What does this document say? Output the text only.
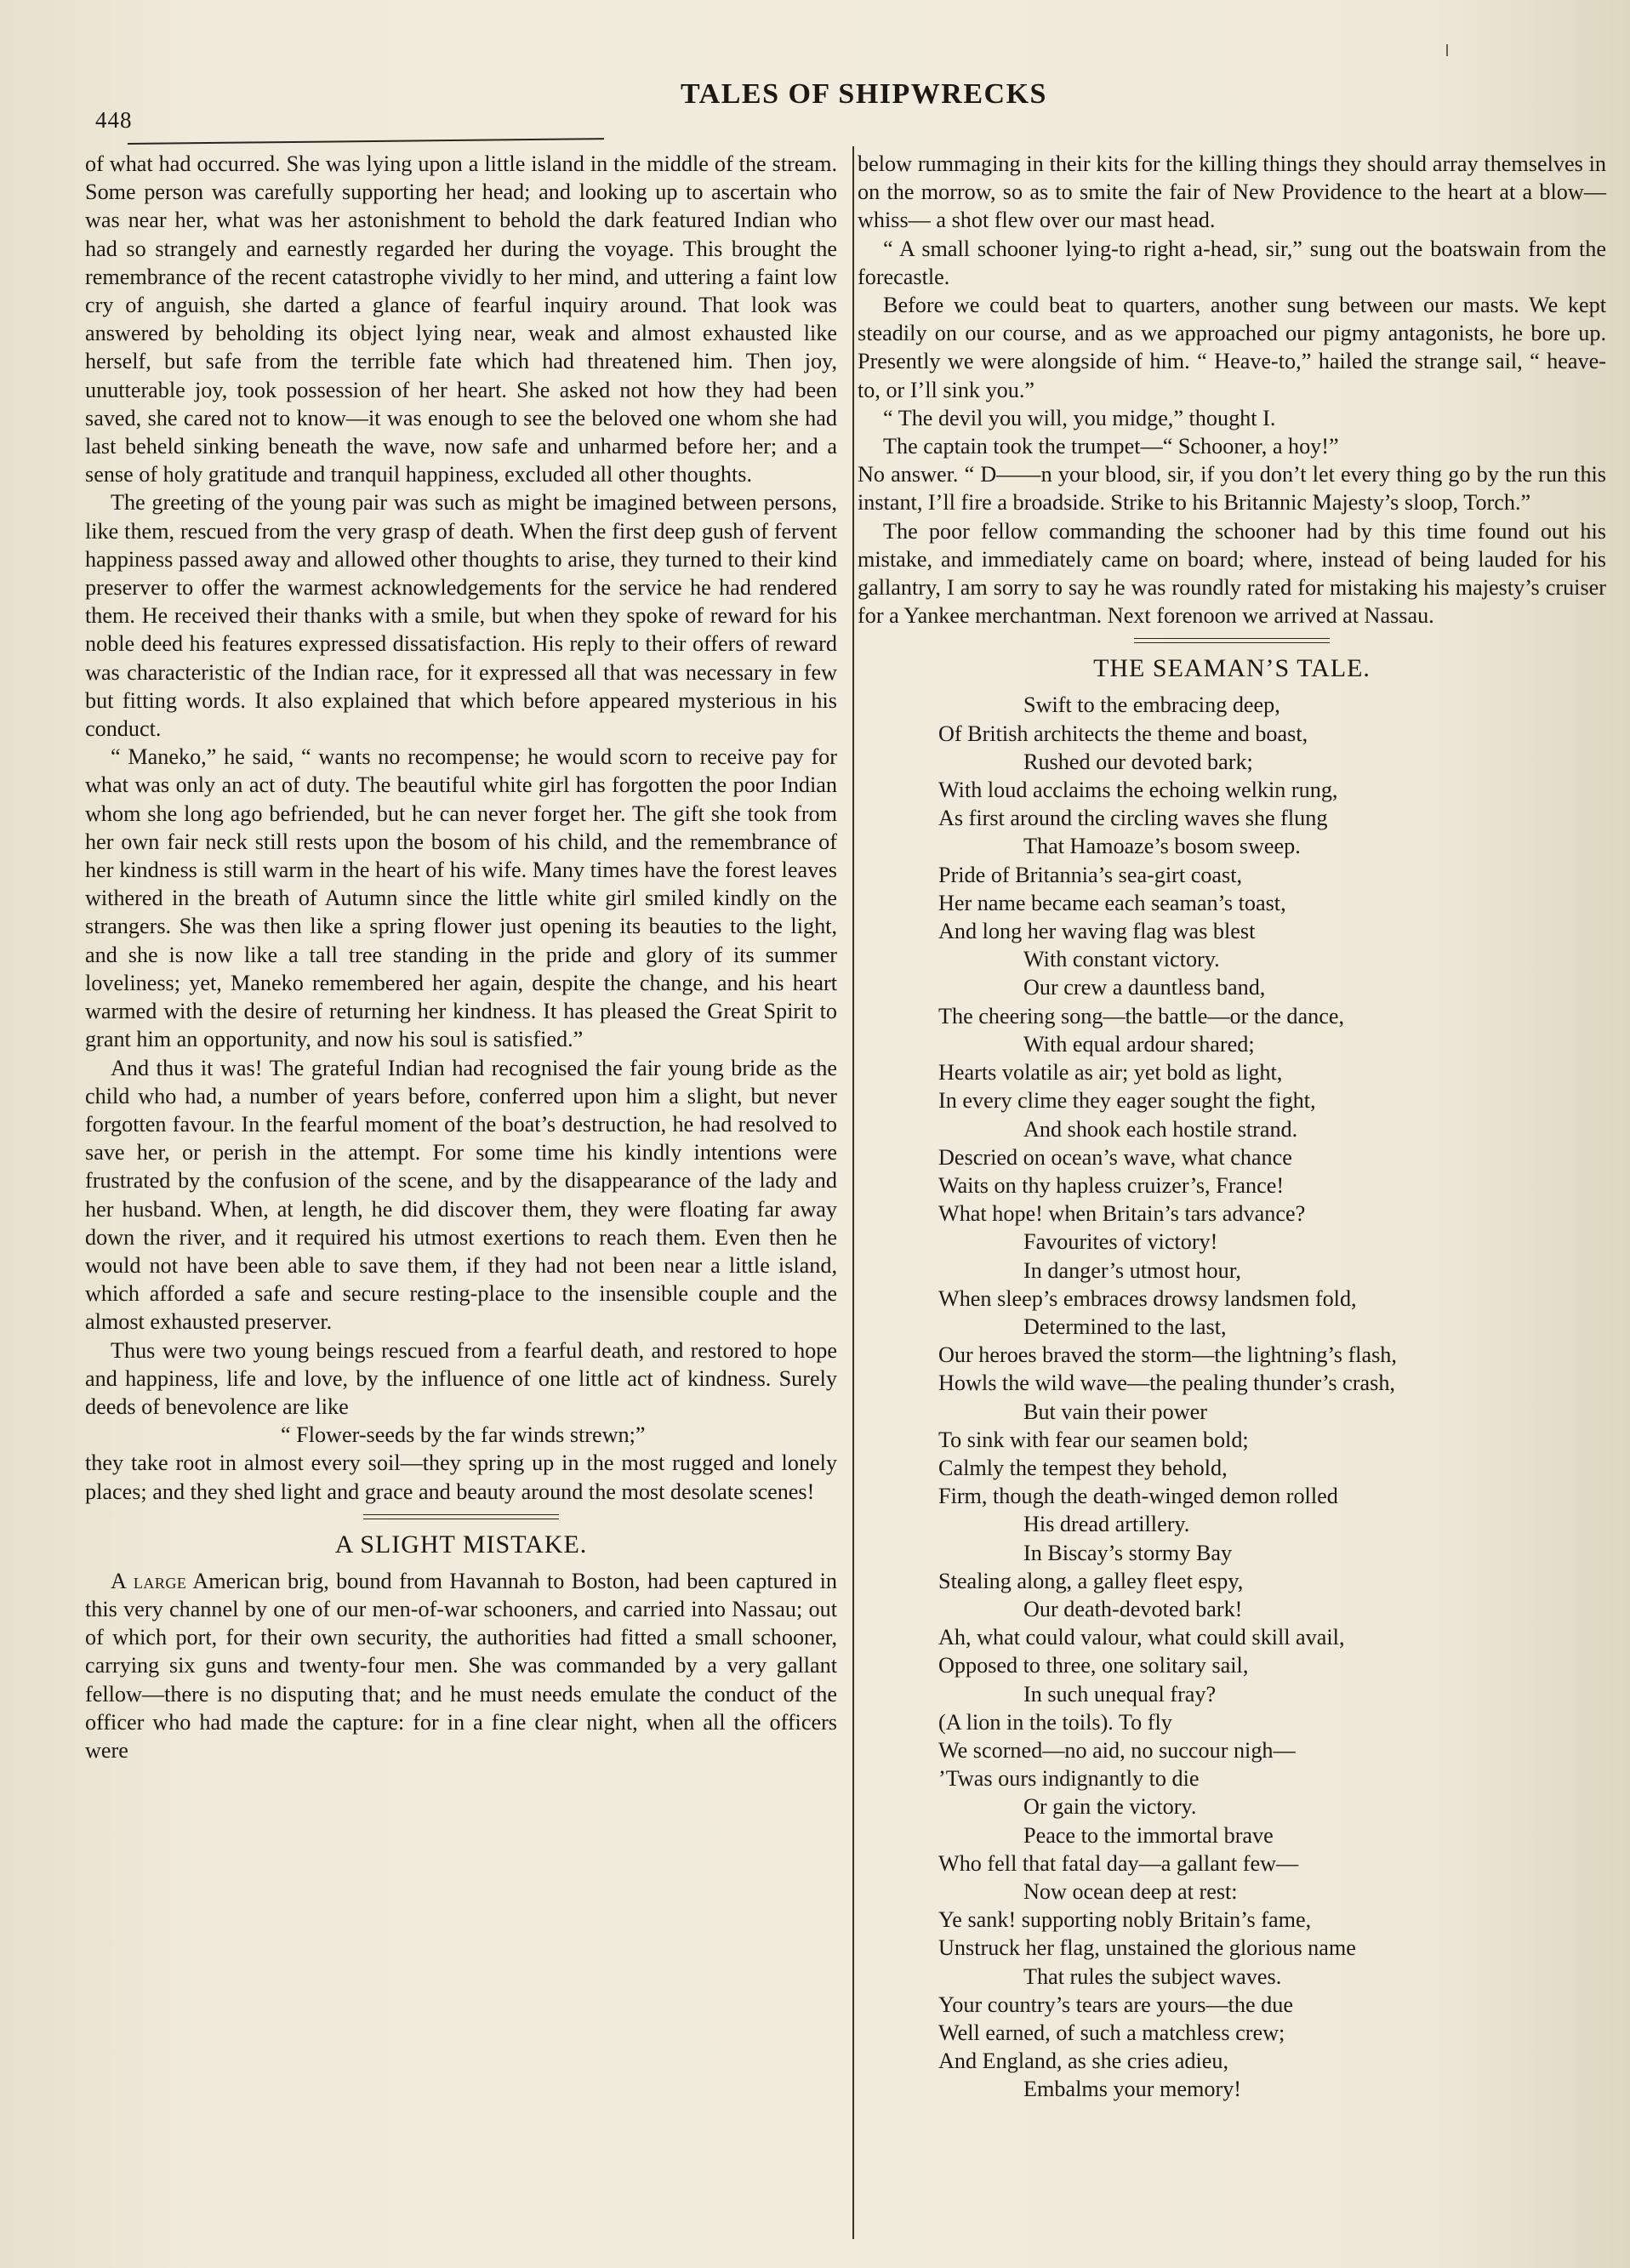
448
TALES OF SHIPWRECKS

of what had occurred. She was lying upon a little island in the middle of the stream. Some person was carefully supporting her head; and looking up to ascertain who was near her, what was her astonishment to behold the dark featured Indian who had so strangely and earnestly regarded her during the voyage. This brought the remembrance of the recent catastrophe vividly to her mind, and uttering a faint low cry of anguish, she darted a glance of fearful inquiry around. That look was answered by beholding its object lying near, weak and almost exhausted like herself, but safe from the terrible fate which had threatened him. Then joy, unutterable joy, took possession of her heart. She asked not how they had been saved, she cared not to know—it was enough to see the beloved one whom she had last beheld sinking beneath the wave, now safe and unharmed before her; and a sense of holy gratitude and tranquil happiness, excluded all other thoughts.

The greeting of the young pair was such as might be imagined between persons, like them, rescued from the very grasp of death. When the first deep gush of fervent happiness passed away and allowed other thoughts to arise, they turned to their kind preserver to offer the warmest acknowledgements for the service he had rendered them. He received their thanks with a smile, but when they spoke of reward for his noble deed his features expressed dissatisfaction. His reply to their offers of reward was characteristic of the Indian race, for it expressed all that was necessary in few but fitting words. It also explained that which before appeared mysterious in his conduct.

“ Maneko,” he said, “ wants no recompense; he would scorn to receive pay for what was only an act of duty. The beautiful white girl has forgotten the poor Indian whom she long ago befriended, but he can never forget her. The gift she took from her own fair neck still rests upon the bosom of his child, and the remembrance of her kindness is still warm in the heart of his wife. Many times have the forest leaves withered in the breath of Autumn since the little white girl smiled kindly on the strangers. She was then like a spring flower just opening its beauties to the light, and she is now like a tall tree standing in the pride and glory of its summer loveliness; yet, Maneko remembered her again, despite the change, and his heart warmed with the desire of returning her kindness. It has pleased the Great Spirit to grant him an opportunity, and now his soul is satisfied.”

And thus it was! The grateful Indian had recognised the fair young bride as the child who had, a number of years before, conferred upon him a slight, but never forgotten favour. In the fearful moment of the boat’s destruction, he had resolved to save her, or perish in the attempt. For some time his kindly intentions were frustrated by the confusion of the scene, and by the disappearance of the lady and her husband. When, at length, he did discover them, they were floating far away down the river, and it required his utmost exertions to reach them. Even then he would not have been able to save them, if they had not been near a little island, which afforded a safe and secure resting-place to the insensible couple and the almost exhausted preserver.

Thus were two young beings rescued from a fearful death, and restored to hope and happiness, life and love, by the influence of one little act of kindness. Surely deeds of benevolence are like

“ Flower-seeds by the far winds strewn;”

they take root in almost every soil—they spring up in the most rugged and lonely places; and they shed light and grace and beauty around the most desolate scenes!

A SLIGHT MISTAKE.

A large American brig, bound from Havannah to Boston, had been captured in this very channel by one of our men-of-war schooners, and carried into Nassau; out of which port, for their own security, the authorities had fitted a small schooner, carrying six guns and twenty-four men. She was commanded by a very gallant fellow—there is no disputing that; and he must needs emulate the conduct of the officer who had made the capture: for in a fine clear night, when all the officers were

below rummaging in their kits for the killing things they should array themselves in on the morrow, so as to smite the fair of New Providence to the heart at a blow—whiss— a shot flew over our mast head.

“ A small schooner lying-to right a-head, sir,” sung out the boatswain from the forecastle.

Before we could beat to quarters, another sung between our masts. We kept steadily on our course, and as we approached our pigmy antagonists, he bore up. Presently we were alongside of him. “ Heave-to,” hailed the strange sail, “ heave-to, or I’ll sink you.”

“ The devil you will, you midge,” thought I.

The captain took the trumpet—“ Schooner, a hoy!”

No answer. “ D——n your blood, sir, if you don’t let every thing go by the run this instant, I’ll fire a broadside. Strike to his Britannic Majesty’s sloop, Torch.”

The poor fellow commanding the schooner had by this time found out his mistake, and immediately came on board; where, instead of being lauded for his gallantry, I am sorry to say he was roundly rated for mistaking his majesty’s cruiser for a Yankee merchantman. Next forenoon we arrived at Nassau.

THE SEAMAN’S TALE.
Swift to the embracing deep,
Of British architects the theme and boast,
Rushed our devoted bark;
With loud acclaims the echoing welkin rung,
As first around the circling waves she flung
That Hamoaze’s bosom sweep.
Pride of Britannia’s sea-girt coast,
Her name became each seaman’s toast,
And long her waving flag was blest
With constant victory.
Our crew a dauntless band,
The cheering song—the battle—or the dance,
With equal ardour shared;
Hearts volatile as air; yet bold as light,
In every clime they eager sought the fight,
And shook each hostile strand.
Descried on ocean’s wave, what chance
Waits on thy hapless cruizer’s, France!
What hope! when Britain’s tars advance?
Favourites of victory!
In danger’s utmost hour,
When sleep’s embraces drowsy landsmen fold,
Determined to the last,
Our heroes braved the storm—the lightning’s flash,
Howls the wild wave—the pealing thunder’s crash,
But vain their power
To sink with fear our seamen bold;
Calmly the tempest they behold,
Firm, though the death-winged demon rolled
His dread artillery.
In Biscay’s stormy Bay
Stealing along, a galley fleet espy,
Our death-devoted bark!
Ah, what could valour, what could skill avail,
Opposed to three, one solitary sail,
In such unequal fray?
(A lion in the toils). To fly
We scorned—no aid, no succour nigh—
’Twas ours indignantly to die
Or gain the victory.
Peace to the immortal brave
Who fell that fatal day—a gallant few—
Now ocean deep at rest:
Ye sank! supporting nobly Britain’s fame,
Unstruck her flag, unstained the glorious name
That rules the subject waves.
Your country’s tears are yours—the due
Well earned, of such a matchless crew;
And England, as she cries adieu,
Embalms your memory!
